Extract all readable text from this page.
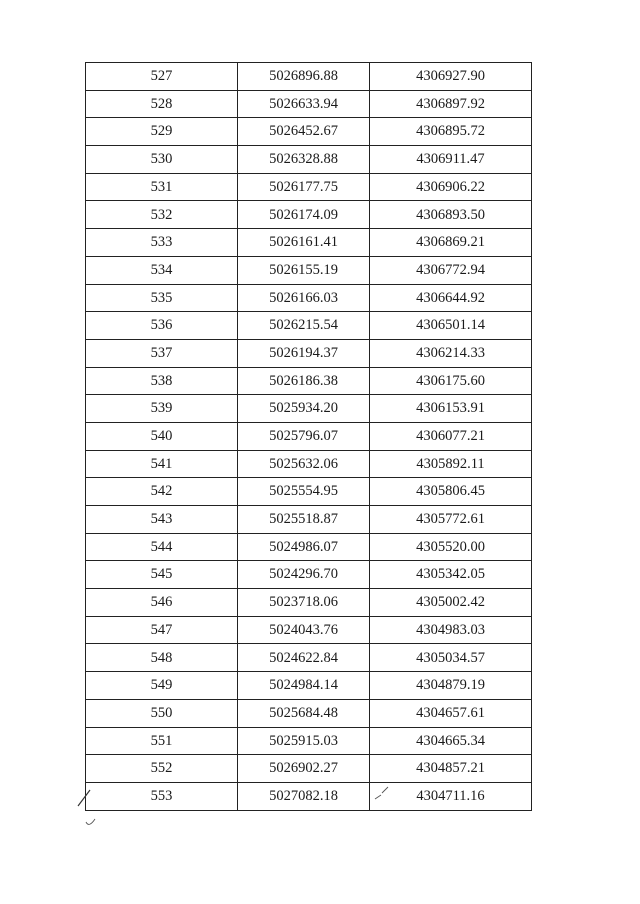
527	5026896.88	4306927.90
528	5026633.94	4306897.92
529	5026452.67	4306895.72
530	5026328.88	4306911.47
531	5026177.75	4306906.22
532	5026174.09	4306893.50
533	5026161.41	4306869.21
534	5026155.19	4306772.94
535	5026166.03	4306644.92
536	5026215.54	4306501.14
537	5026194.37	4306214.33
538	5026186.38	4306175.60
539	5025934.20	4306153.91
540	5025796.07	4306077.21
541	5025632.06	4305892.11
542	5025554.95	4305806.45
543	5025518.87	4305772.61
544	5024986.07	4305520.00
545	5024296.70	4305342.05
546	5023718.06	4305002.42
547	5024043.76	4304983.03
548	5024622.84	4305034.57
549	5024984.14	4304879.19
550	5025684.48	4304657.61
551	5025915.03	4304665.34
552	5026902.27	4304857.21
553	5027082.18	4304711.16
